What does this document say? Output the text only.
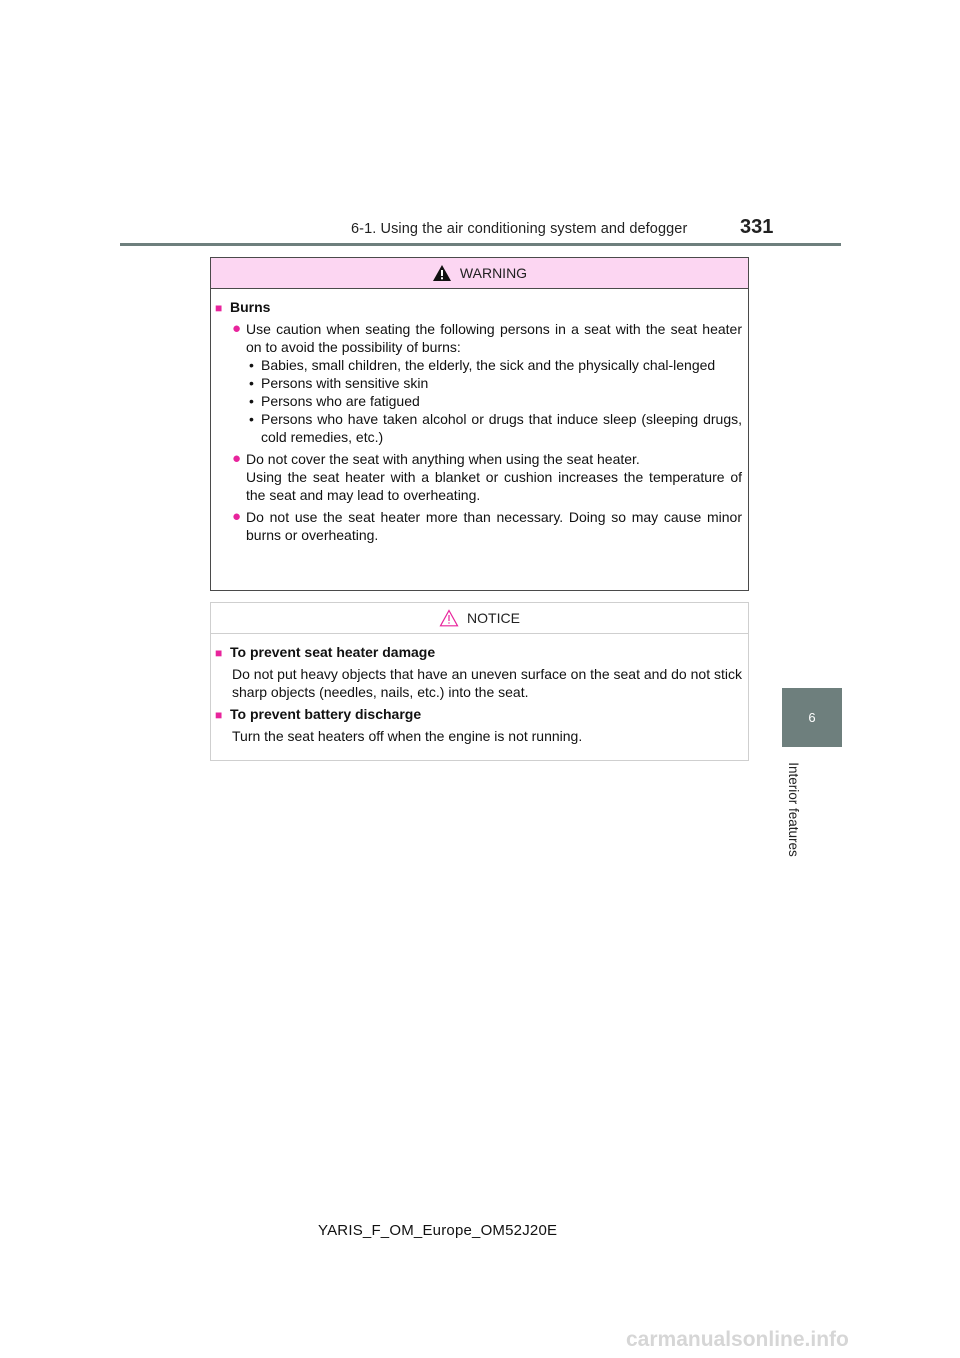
6-1. Using the air conditioning system and defogger	331
6
Interior features
WARNING
■ Burns
● Use caution when seating the following persons in a seat with the seat heater on to avoid the possibility of burns:

• Babies, small children, the elderly, the sick and the physically chal-lenged
• Persons with sensitive skin
• Persons who are fatigued
• Persons who have taken alcohol or drugs that induce sleep (sleeping drugs, cold remedies, etc.)
● Do not cover the seat with anything when using the seat heater.

Using the seat heater with a blanket or cushion increases the temperature of the seat and may lead to overheating.

● Do not use the seat heater more than necessary. Doing so may cause minor burns or overheating.

NOTICE
■ To prevent seat heater damage

Do not put heavy objects that have an uneven surface on the seat and do not stick sharp objects (needles, nails, etc.) into the seat.

■ To prevent battery discharge

Turn the seat heaters off when the engine is not running.

YARIS_F_OM_Europe_OM52J20E
carmanualsonline.info
